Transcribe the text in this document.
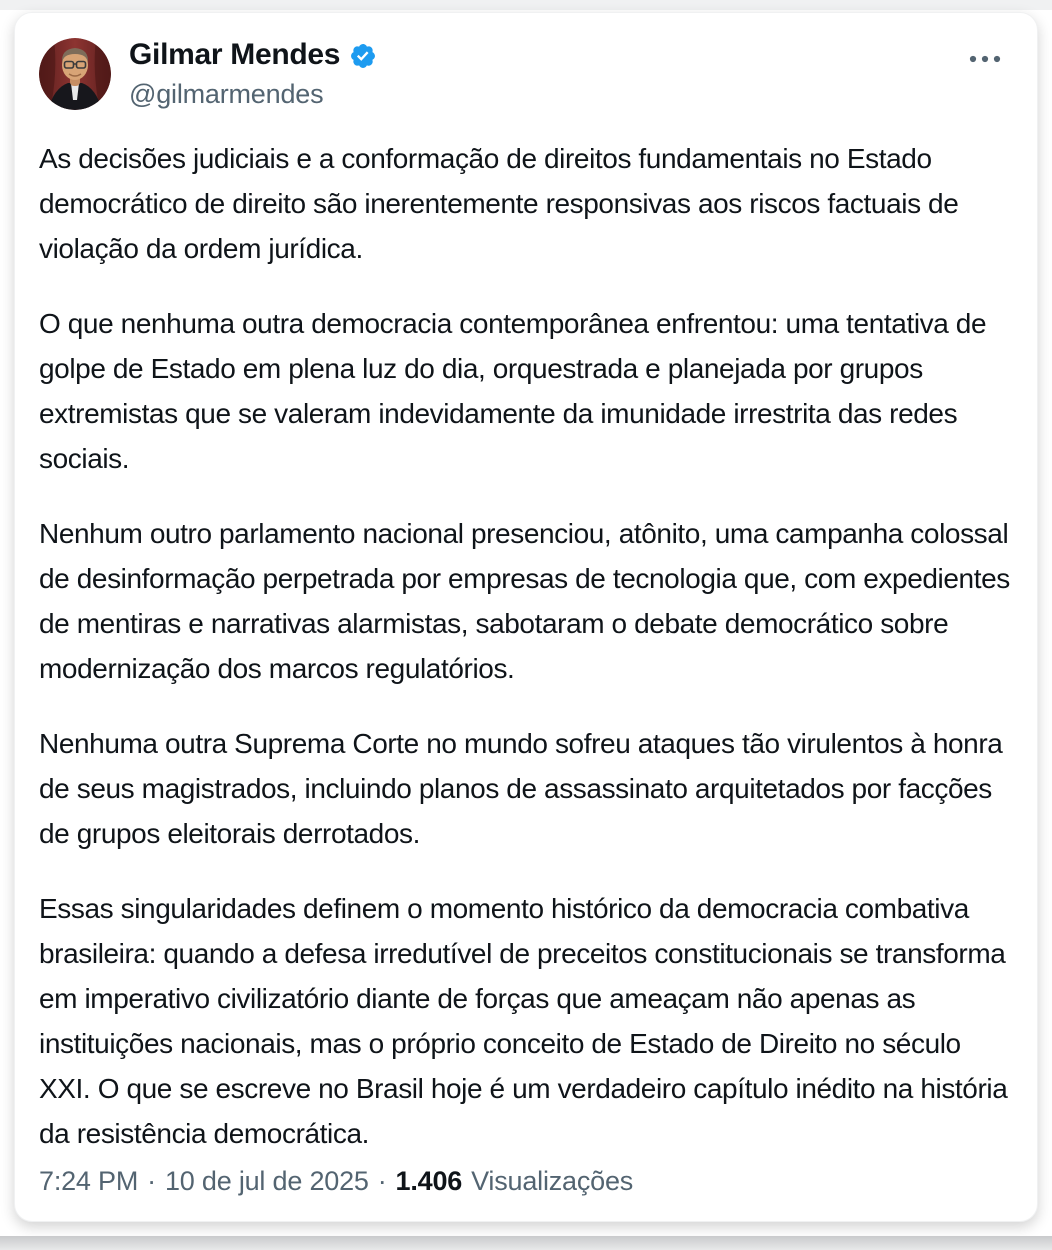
Gilmar Mendes
@gilmarmendes

As decisões judiciais e a conformação de direitos fundamentais no Estado democrático de direito são inerentemente responsivas aos riscos factuais de violação da ordem jurídica.

O que nenhuma outra democracia contemporânea enfrentou: uma tentativa de golpe de Estado em plena luz do dia, orquestrada e planejada por grupos extremistas que se valeram indevidamente da imunidade irrestrita das redes sociais.

Nenhum outro parlamento nacional presenciou, atônito, uma campanha colossal de desinformação perpetrada por empresas de tecnologia que, com expedientes de mentiras e narrativas alarmistas, sabotaram o debate democrático sobre modernização dos marcos regulatórios.

Nenhuma outra Suprema Corte no mundo sofreu ataques tão virulentos à honra de seus magistrados, incluindo planos de assassinato arquitetados por facções de grupos eleitorais derrotados.

Essas singularidades definem o momento histórico da democracia combativa brasileira: quando a defesa irredutível de preceitos constitucionais se transforma em imperativo civilizatório diante de forças que ameaçam não apenas as instituições nacionais, mas o próprio conceito de Estado de Direito no século XXI. O que se escreve no Brasil hoje é um verdadeiro capítulo inédito na história  da resistência democrática.

7:24 PM · 10 de jul de 2025 · 1.406 Visualizações
